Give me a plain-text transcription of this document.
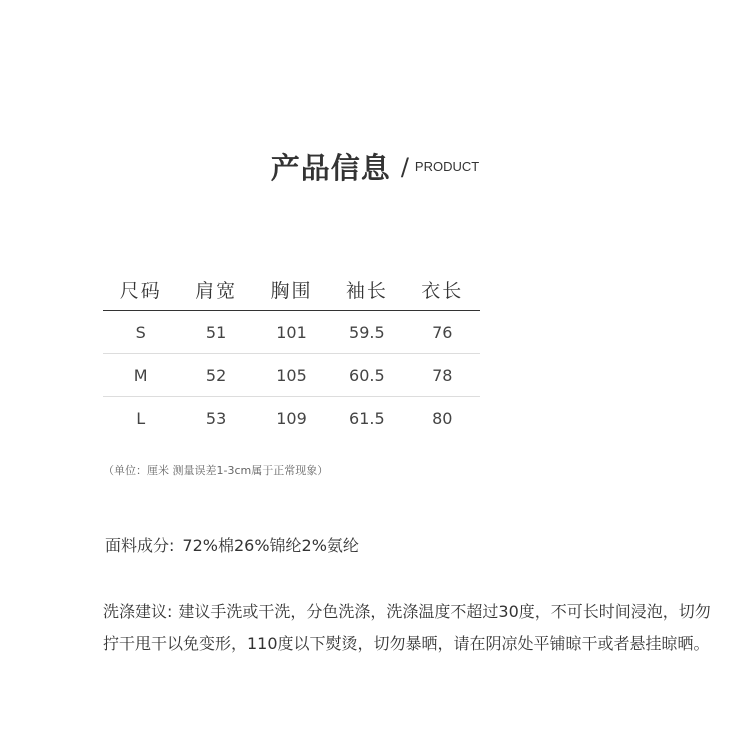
产品信息 / PRODUCT
尺码	肩宽	胸围	袖长	衣长
S	51	101	59.5	76
M	52	105	60.5	78
L	53	109	61.5	80
（单位：厘米 测量误差1-3cm属于正常现象）
面料成分: 72%棉26%锦纶2%氨纶

洗涤建议: 建议手洗或干洗，分色洗涤，洗涤温度不超过30度，不可长时间浸泡，切勿拧干甩干以免变形，110度以下熨烫，切勿暴晒，请在阴凉处平铺晾干或者悬挂晾晒。
